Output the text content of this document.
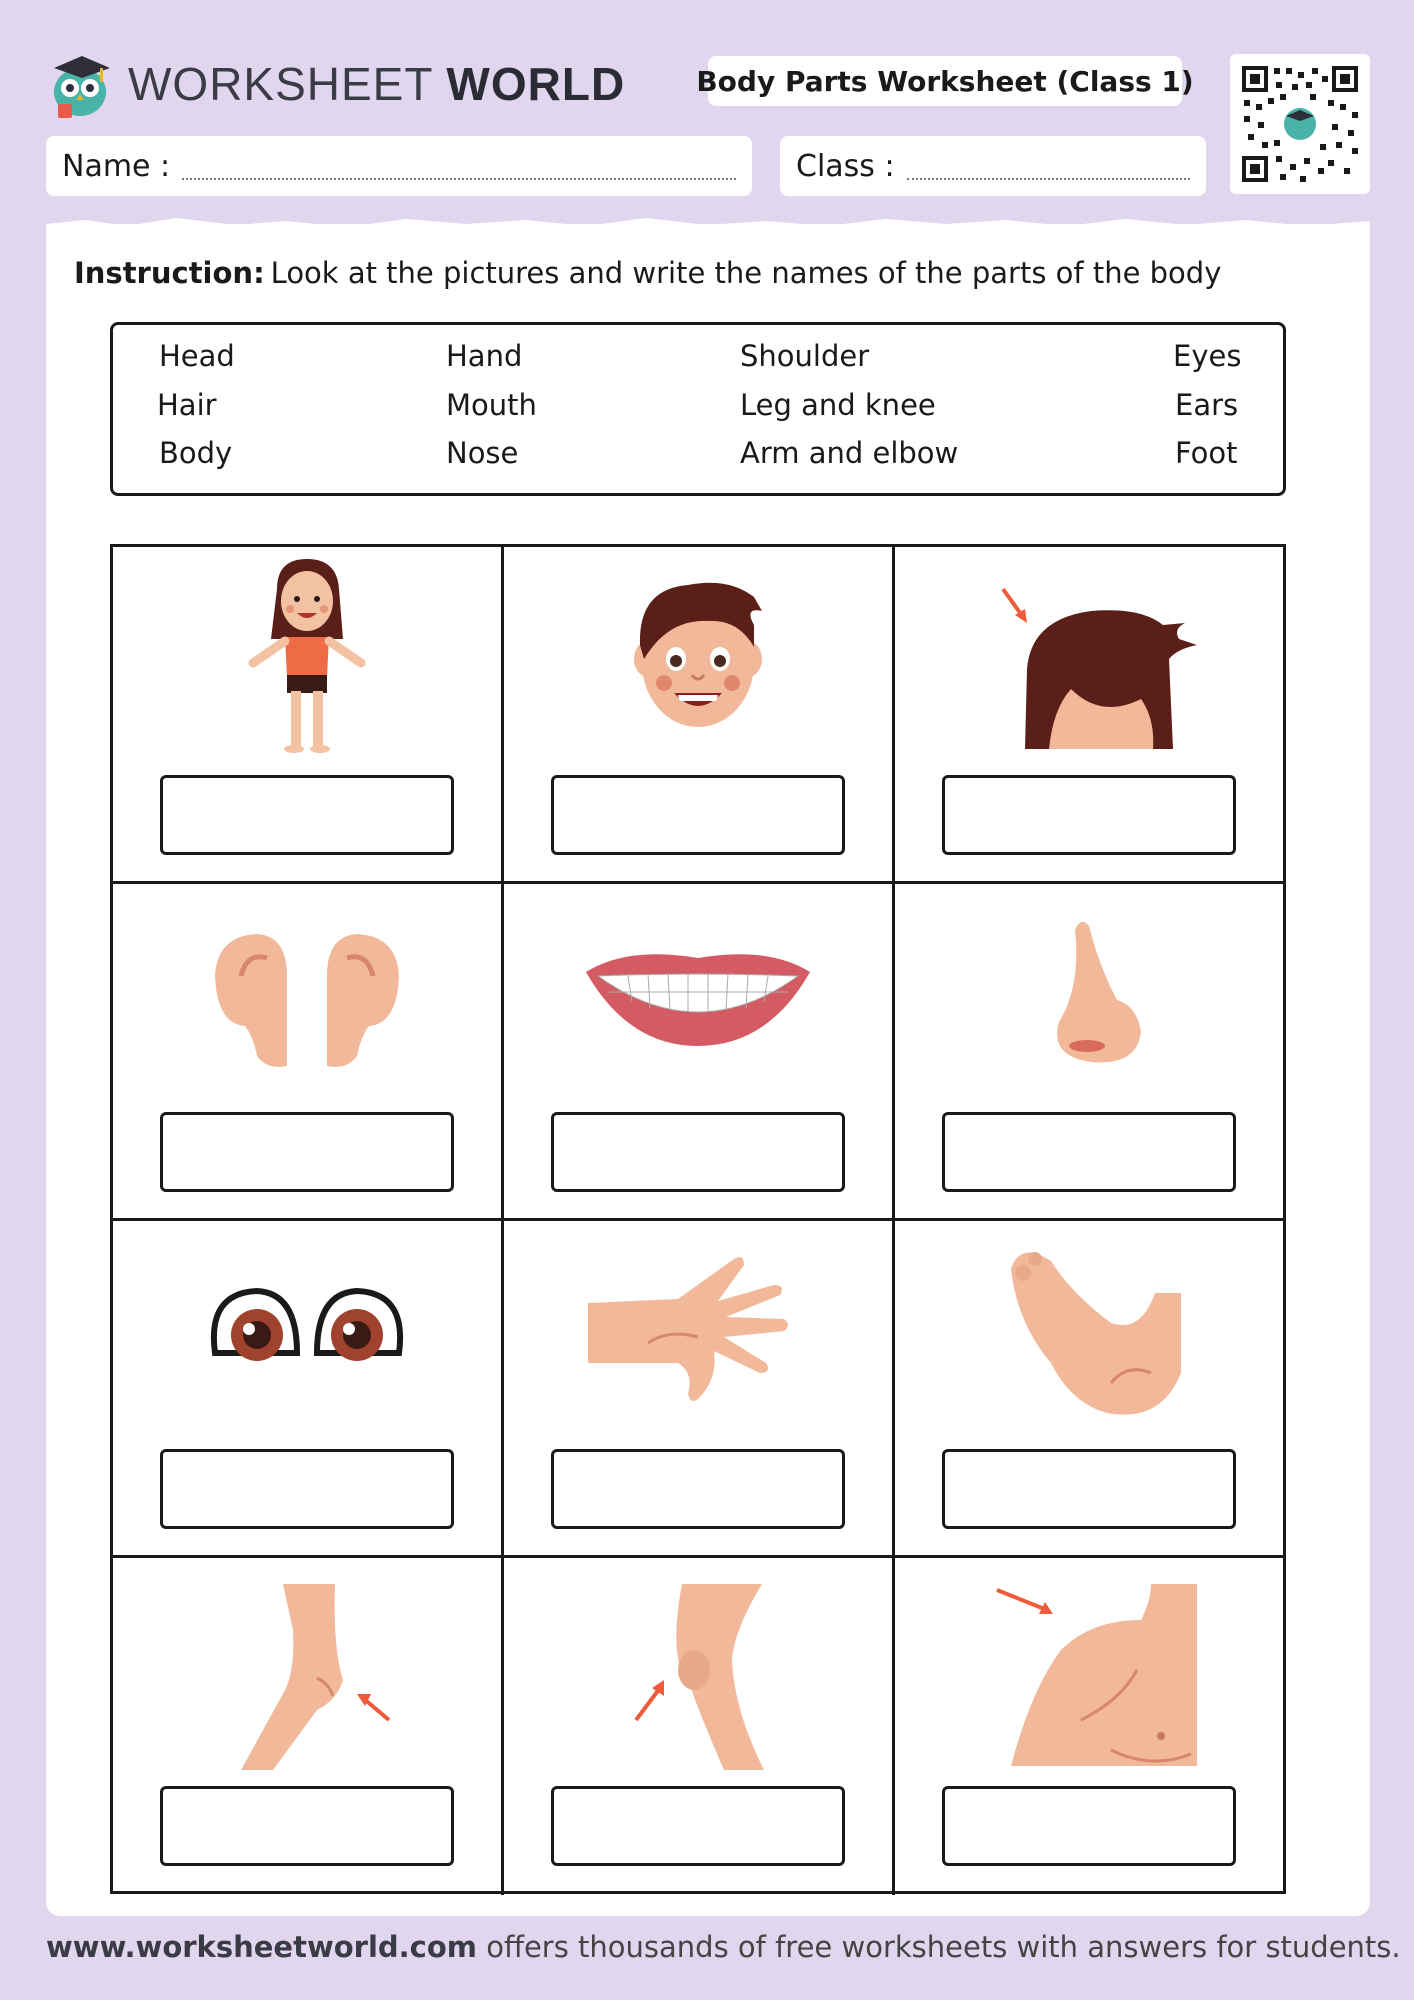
WORKSHEET WORLD	Body Parts Worksheet (Class 1)
Name :	Class :
Instruction: Look at the pictures and write the names of the parts of the body
Head
Hair
Body
Hand
Mouth
Nose
Shoulder
Leg and knee
Arm and elbow
Eyes
Ears
Foot
www.worksheetworld.com offers thousands of free worksheets with answers for students.
